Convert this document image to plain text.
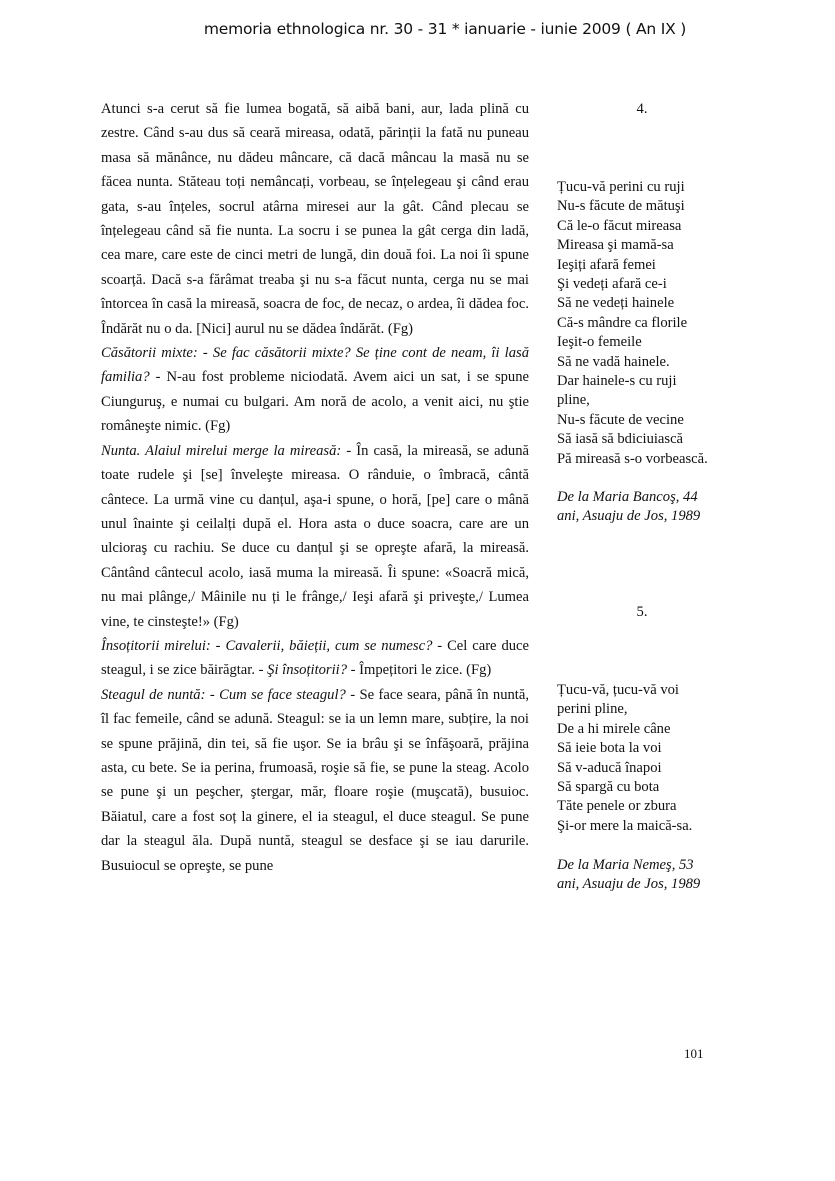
memoria ethnologica nr. 30 - 31 * ianuarie - iunie 2009 ( An IX )

Atunci s-a cerut să fie lumea bogată, să aibă bani, aur, lada plină cu zestre. Când s-au dus să ceară mireasa, odată, părinții la fată nu puneau masa să mănânce, nu dădeu mâncare, că dacă mâncau la masă nu se făcea nunta. Stăteau toți nemâncați, vorbeau, se înțelegeau şi când erau gata, s-au înțeles, socrul atârna miresei aur la gât. Când plecau se înțelegeau când să fie nunta. La socru i se punea la gât cerga din ladă, cea mare, care este de cinci metri de lungă, din două foi. La noi îi spune scoarță. Dacă s-a fărâmat treaba şi nu s-a făcut nunta, cerga nu se mai întorcea în casă la mireasă, soacra de foc, de necaz, o ardea, îi dădea foc. Îndărăt nu o da. [Nici] aurul nu se dădea îndărăt. (Fg)

Căsătorii mixte: - Se fac căsătorii mixte? Se ține cont de neam, îi lasă familia? - N-au fost probleme niciodată. Avem aici un sat, i se spune Ciunguruş, e numai cu bulgari. Am noră de acolo, a venit aici, nu ştie româneşte nimic. (Fg)

Nunta. Alaiul mirelui merge la mireasă: - În casă, la mireasă, se adună toate rudele şi [se] înveleşte mireasa. O rânduie, o îmbracă, cântă cântece. La urmă vine cu danțul, aşa-i spune, o horă, [pe] care o mână unul înainte şi ceilalți după el. Hora asta o duce soacra, care are un ulcioraş cu rachiu. Se duce cu danțul şi se opreşte afară, la mireasă. Cântând cântecul acolo, iasă muma la mireasă. Îi spune: «Soacră mică, nu mai plânge,/ Mâinile nu ți le frânge,/ Ieşi afară şi priveşte,/ Lumea vine, te cinsteşte!» (Fg)

Însoțitorii mirelui: - Cavalerii, băieții, cum se numesc? - Cel care duce steagul, i se zice băirăgtar. - Şi însoțitorii? - Împețitori le zice. (Fg)

Steagul de nuntă: - Cum se face steagul? - Se face seara, până în nuntă, îl fac femeile, când se adună. Steagul: se ia un lemn mare, subțire, la noi se spune prăjină, din tei, să fie uşor. Se ia brâu şi se înfăşoară, prăjina asta, cu bete. Se ia perina, frumoasă, roşie să fie, se pune la steag. Acolo se pune şi un peşcher, ştergar, măr, floare roşie (muşcată), busuioc. Băiatul, care a fost soț la ginere, el ia steagul, el duce steagul. Se pune dar la steagul ăla. După nuntă, steagul se desface şi se iau darurile. Busuiocul se opreşte, se pune

4.
Țucu-vă perini cu ruji
Nu-s făcute de mătuşi
Că le-o făcut mireasa
Mireasa şi mamă-sa
Ieşiți afară femei
Şi vedeți afară ce-i
Să ne vedeți hainele
Că-s mândre ca florile
Ieşit-o femeile
Să ne vadă hainele.
Dar hainele-s cu ruji
pline,
Nu-s făcute de vecine
Să iasă să bdiciuiască
Pă mireasă s-o vorbească.
De la Maria Bancoş, 44
ani, Asuaju de Jos, 1989
5.
Țucu-vă, țucu-vă voi
perini pline,
De a hi mirele câne
Să ieie bota la voi
Să v-aducă înapoi
Să spargă cu bota
Tăte penele or zbura
Şi-or mere la maică-sa.
De la Maria Nemeş, 53
ani, Asuaju de Jos, 1989
101
